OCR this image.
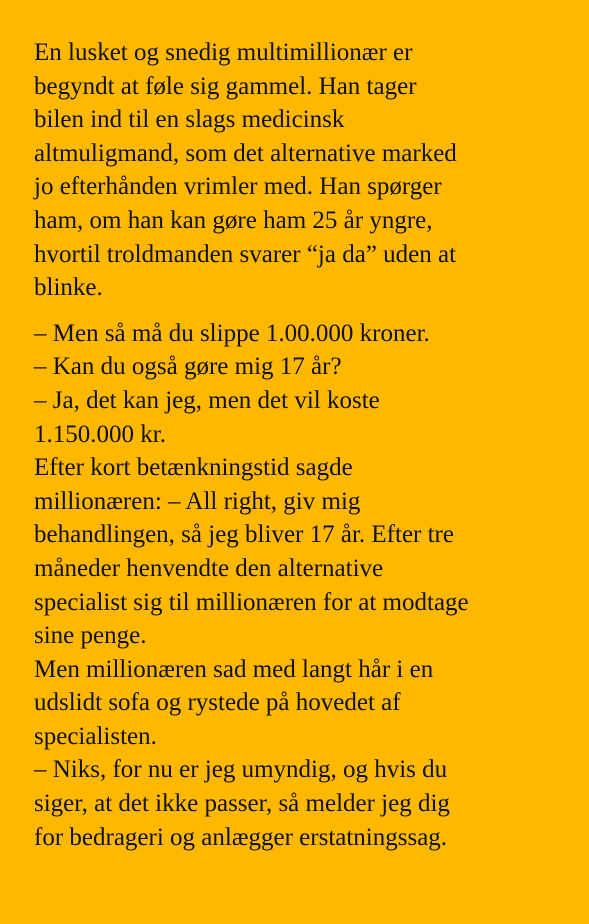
En lusket og snedig multimillionær er
begyndt at føle sig gammel. Han tager
bilen ind til en slags medicinsk
altmuligmand, som det alternative marked
jo efterhånden vrimler med. Han spørger
ham, om han kan gøre ham 25 år yngre,
hvortil troldmanden svarer “ja da” uden at
blinke.
– Men så må du slippe 1.00.000 kroner.
– Kan du også gøre mig 17 år?
– Ja, det kan jeg, men det vil koste
1.150.000 kr.
Efter kort betænkningstid sagde
millionæren: – All right, giv mig
behandlingen, så jeg bliver 17 år. Efter tre
måneder henvendte den alternative
specialist sig til millionæren for at modtage
sine penge.
Men millionæren sad med langt hår i en
udslidt sofa og rystede på hovedet af
specialisten.
– Niks, for nu er jeg umyndig, og hvis du
siger, at det ikke passer, så melder jeg dig
for bedrageri og anlægger erstatningssag.
